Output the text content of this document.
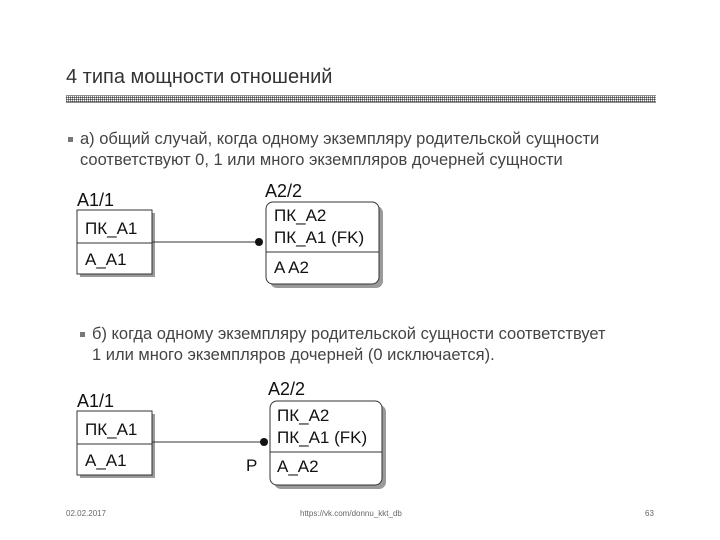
4 типа мощности отношений
а) общий случай, когда одному экземпляру родительской сущности
соответствуют 0, 1 или много экземпляров дочерней сущности
A1/1
ПК_A1
A_A1
A2/2
ПК_A2
ПК_A1 (FK)
A A2
A1/1
ПК_A1
A_A1	P
A2/2
ПК_A2
ПК_A1 (FK)
A_A2
б) когда одному экземпляру родительской сущности соответствует
1 или много экземпляров дочерней (0 исключается).
02.02.2017	https://vk.com/donnu_kkt_db	63
